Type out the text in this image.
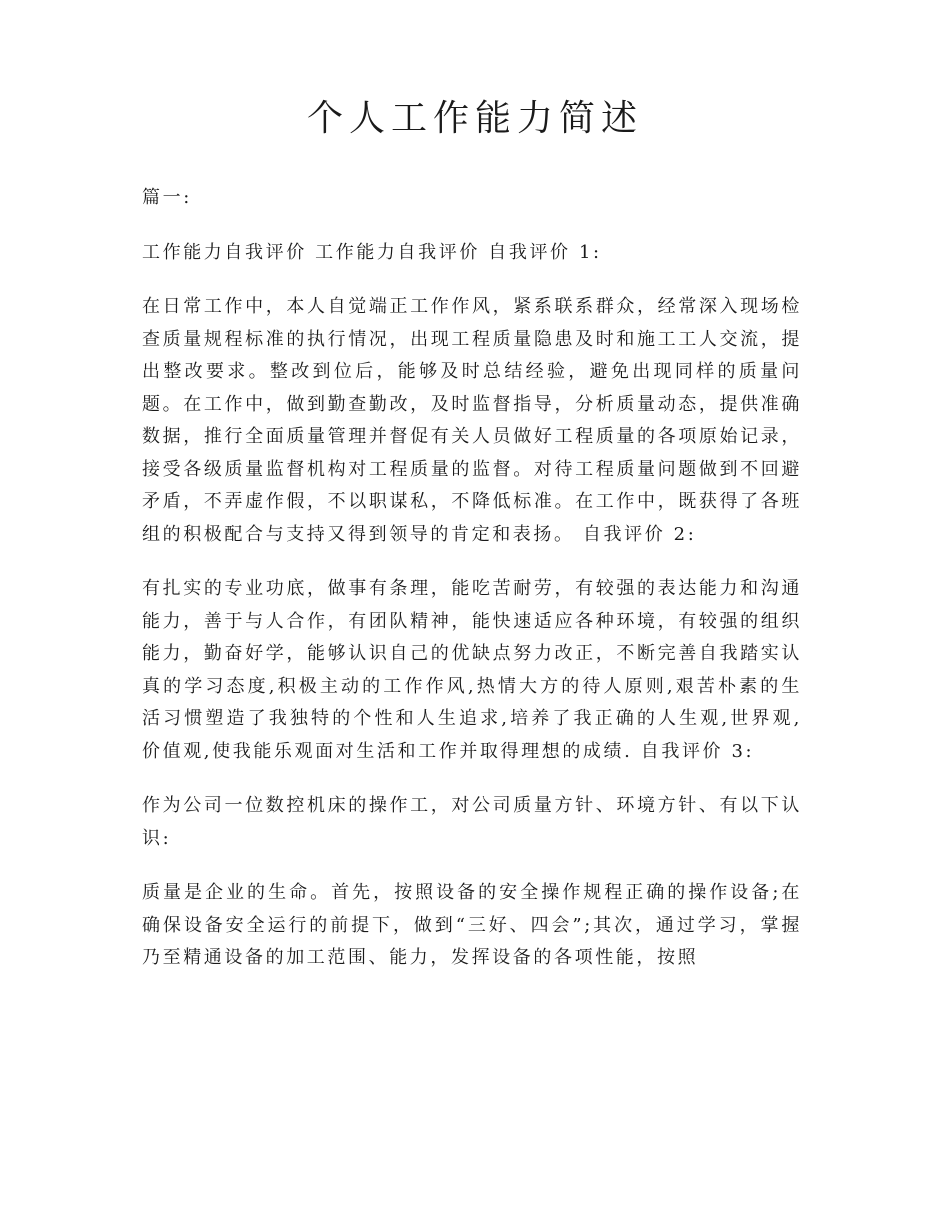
个人工作能力简述

篇一:

工作能力自我评价 工作能力自我评价 自我评价 1:

在日常工作中，本人自觉端正工作作风，紧系联系群众，经常深入现场检查质量规程标准的执行情况，出现工程质量隐患及时和施工工人交流，提出整改要求。整改到位后，能够及时总结经验，避免出现同样的质量问题。在工作中，做到勤查勤改，及时监督指导，分析质量动态，提供准确数据，推行全面质量管理并督促有关人员做好工程质量的各项原始记录，接受各级质量监督机构对工程质量的监督。对待工程质量问题做到不回避矛盾，不弄虚作假，不以职谋私，不降低标准。在工作中，既获得了各班组的积极配合与支持又得到领导的肯定和表扬。 自我评价 2:

有扎实的专业功底，做事有条理，能吃苦耐劳，有较强的表达能力和沟通能力，善于与人合作，有团队精神，能快速适应各种环境，有较强的组织能力，勤奋好学，能够认识自己的优缺点努力改正，不断完善自我踏实认真的学习态度,积极主动的工作作风,热情大方的待人原则,艰苦朴素的生活习惯塑造了我独特的个性和人生追求,培养了我正确的人生观,世界观,价值观,使我能乐观面对生活和工作并取得理想的成绩. 自我评价 3:

作为公司一位数控机床的操作工，对公司质量方针、环境方针、有以下认识:

质量是企业的生命。首先，按照设备的安全操作规程正确的操作设备;在确保设备安全运行的前提下，做到“三好、四会”;其次，通过学习，掌握乃至精通设备的加工范围、能力，发挥设备的各项性能，按照
